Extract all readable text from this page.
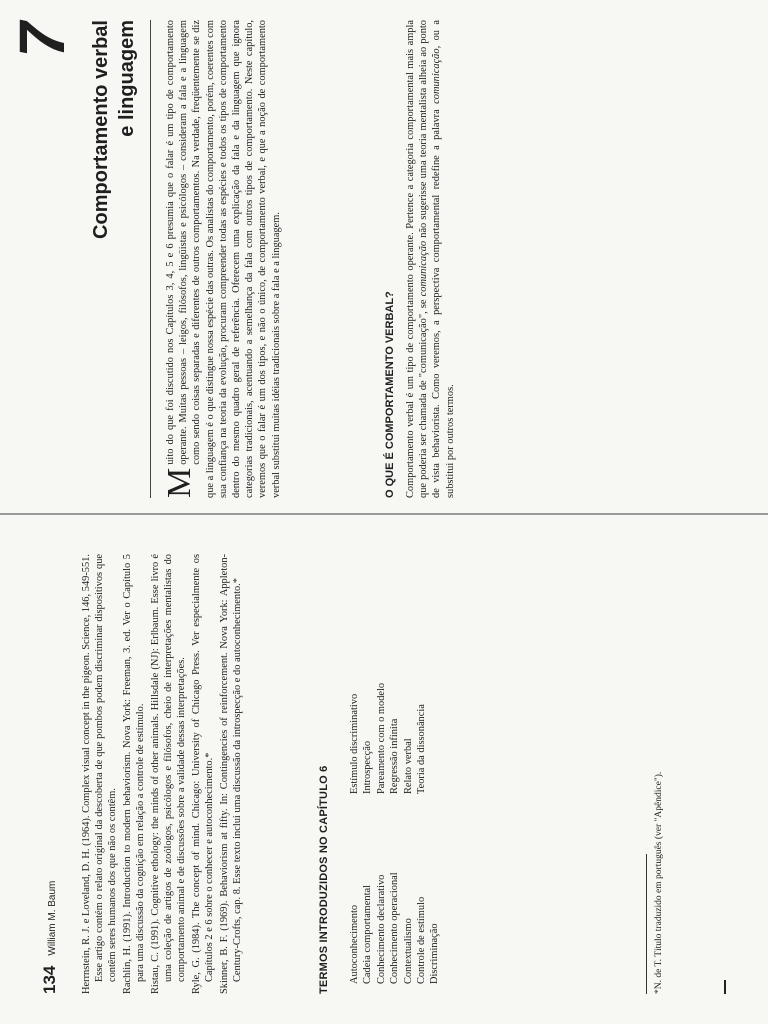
134
William M. Baum Herrnstein, R. J. e Loveland, D. H. (1964). Complex visual concept in the pigeon. Science, 146, 549-551. Esse artigo contém o relato original da descoberta de que pombos podem discriminar dispositivos que contêm seres humanos dos que não os contêm. Rachlin, H. (1991). Introduction to modern behaviorism. Nova York: Freeman, 3. ed. Ver o Capítulo 5 para uma discussão da cognição em relação a controle de estímulo. Ristau, C. (1991). Cognitive ethology: the minds of other animals. Hillsdale (NJ): Erlbaum. Esse livro é uma coleção de artigos de zoólogos, psicólogos e filósofos, cheio de interpretações mentalistas do comportamento animal e de discussões sobre a validade dessas interpretações. Ryle, G. (1984). The concept of mind. Chicago: University of Chicago Press. Ver especialmente os Capítulos 2 e 6 sobre o conhecer e autoconhecimento.* Skinner, B. F. (1969). Behaviorism at fifty. In: Contingencies of reinforcement. Nova York: Appleton-Century-Crofts, cap. 8. Esse texto inclui uma discussão da introspecção e do autoconhecimento.*	TERMOS INTRODUZIDOS NO CAPÍTULO 6 Autoconhecimento Cadeia comportamental Conhecimento declarativo Conhecimento operacional Contextualismo Controle de estímulo Discriminação
Estímulo discriminativo Introspecção Pareamento com o modelo Regressão infinita Relato verbal Teoria da dissonância
*N. de T. Título traduzido em português (ver "Apêndice").
7 Comportamento verbal e linguagem

M
uito do que foi discutido nos Capítulos 3, 4, 5 e 6 presumia que o falar é um tipo de comportamento operante. Muitas pessoas – leigos, filósofos, lingüistas e psicólogos – consideram a fala e a linguagem como sendo coisas separadas e diferentes de outros comportamentos. Na verdade, freqüentemente se diz que a linguagem é o que distingue nossa espécie das outras. Os analistas do comportamento, porém, coerentes com sua confiança na teoria da evolução, procuram compreender todas as espécies e todos os tipos de comportamento dentro do mesmo quadro geral de referência. Oferecem uma explicação da fala e da linguagem que ignora categorias tradicionais, acentuando a semelhança da fala com outros tipos de comportamento. Neste capítulo, veremos que o falar é um dos tipos, e não o único, de comportamento verbal, e que a noção de comportamento verbal substitui muitas idéias tradicionais sobre a fala e a linguagem.	O QUE É COMPORTAMENTO VERBAL? Comportamento verbal é um tipo de comportamento operante. Pertence a categoria comportamental mais ampla que poderia ser chamada de "comunicação", se comunicação não sugerisse uma teoria mentalista alheia ao ponto de vista behaviorista. Como veremos, a perspectiva comportamental redefine a palavra comunicação, ou a substitui por outros termos.
